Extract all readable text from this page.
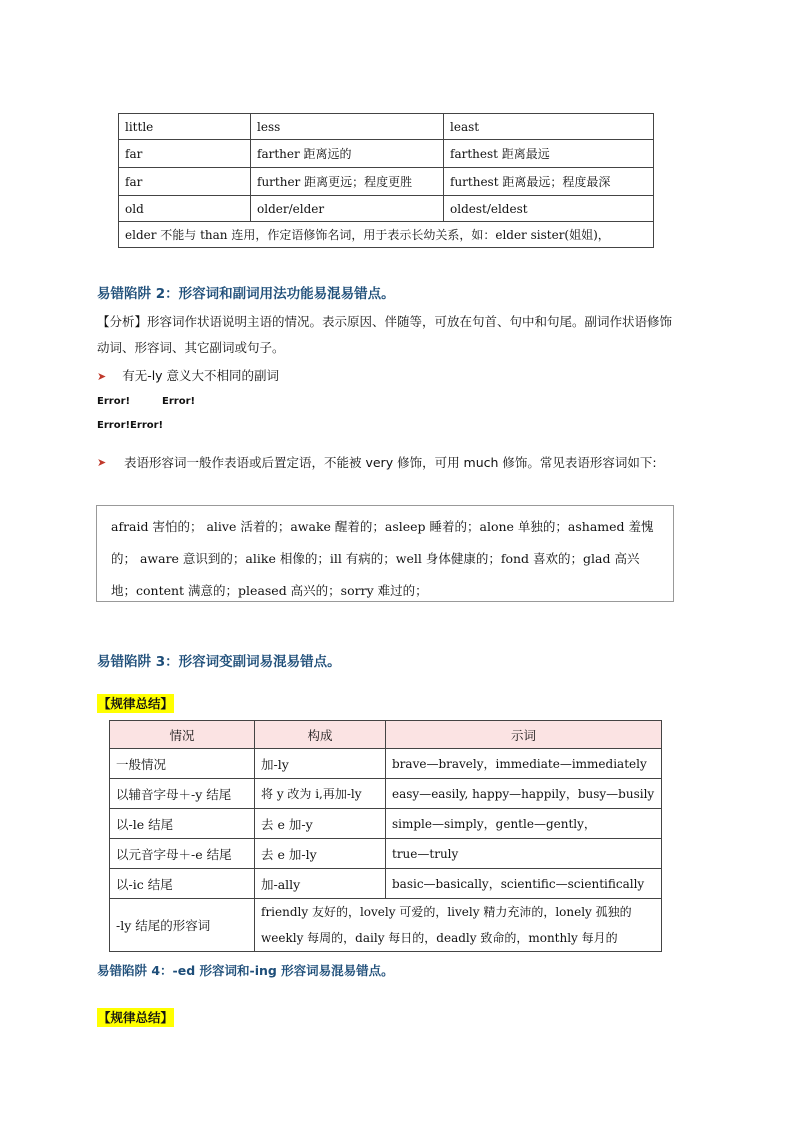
little	less	least
far	farther 距离远的	farthest 距离最远
far	further 距离更远；程度更胜	furthest 距离最远；程度最深
old	older/elder	oldest/eldest
elder 不能与 than 连用，作定语修饰名词，用于表示长幼关系，如：elder sister(姐姐)，		
易错陷阱 2：形容词和副词用法功能易混易错点。
【分析】形容词作状语说明主语的情况。表示原因、伴随等，可放在句首、句中和句尾。副词作状语修饰动词、形容词、其它副词或句子。
➤ 有无-ly 意义大不相同的副词
Error!	Error!
Error!Error!
➤ 表语形容词一般作表语或后置定语，不能被 very 修饰，可用 much 修饰。常见表语形容词如下:
afraid 害怕的； alive 活着的；awake 醒着的；asleep 睡着的；alone 单独的；ashamed 羞愧的； aware 意识到的；alike 相像的；ill 有病的；well 身体健康的；fond 喜欢的；glad 高兴地；content 满意的；pleased 高兴的；sorry 难过的；
易错陷阱 3：形容词变副词易混易错点。
【规律总结】
情况	构成	示词
一般情况	加-ly	brave—bravely，immediate—immediately
以辅音字母＋-y 结尾	将 y 改为 i,再加-ly	easy—easily, happy—happily，busy—busily
以-le 结尾	去 e 加-y	simple—simply，gentle—gently，
以元音字母＋-e 结尾	去 e 加-ly	true—truly
以-ic 结尾	加-ally	basic—basically，scientific—scientifically
-ly 结尾的形容词	friendly 友好的，lovely 可爱的，lively 精力充沛的，lonely 孤独的 weekly 每周的，daily 每日的，deadly 致命的，monthly 每月的	
易错陷阱 4：-ed 形容词和-ing 形容词易混易错点。
【规律总结】
